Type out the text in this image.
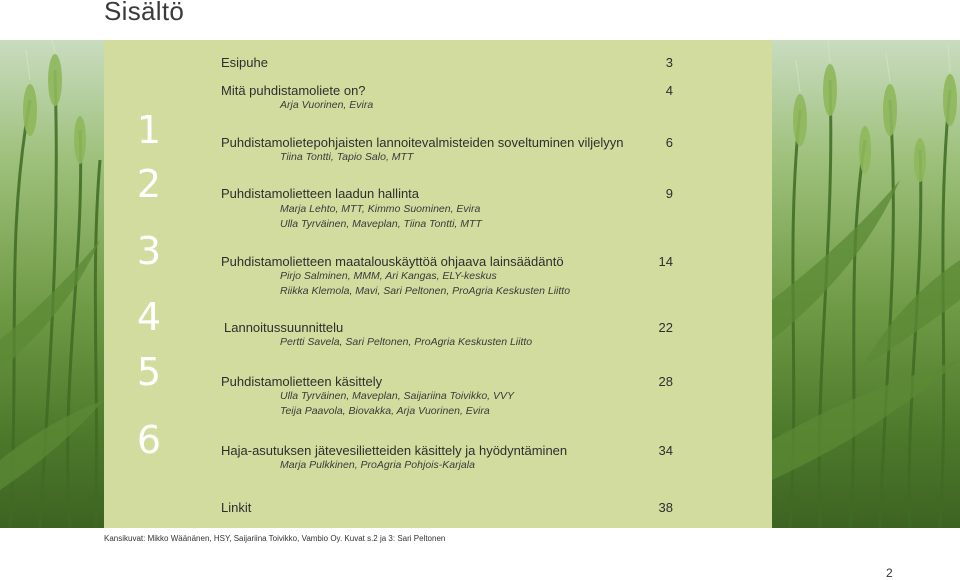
Sisältö
1
2
3
4
5
6
Esipuhe	3
Mitä puhdistamoliete on?	4
Arja Vuorinen, Evira
Puhdistamolietepohjaisten lannoitevalmisteiden soveltuminen viljelyyn	6
Tiina Tontti, Tapio Salo, MTT
Puhdistamolietteen laadun hallinta	9
Marja Lehto, MTT, Kimmo Suominen, Evira
Ulla Tyrväinen, Maveplan, Tiina Tontti, MTT
Puhdistamolietteen maatalouskäyttöä ohjaava lainsäädäntö	14
Pirjo Salminen, MMM, Ari Kangas, ELY-keskus
Riikka Klemola, Mavi, Sari Peltonen, ProAgria Keskusten Liitto
Lannoitussuunnittelu	22
Pertti Savela, Sari Peltonen, ProAgria Keskusten Liitto
Puhdistamolietteen käsittely	28
Ulla Tyrväinen, Maveplan, Saijariina Toivikko, VVY
Teija Paavola, Biovakka, Arja Vuorinen, Evira
Haja-asutuksen jätevesilietteiden käsittely ja hyödyntäminen	34
Marja Pulkkinen, ProAgria Pohjois-Karjala
Linkit	38
Kansikuvat: Mikko Wäänänen, HSY, Saijariina Toivikko, Vambio Oy. Kuvat s.2 ja 3: Sari Peltonen
2
